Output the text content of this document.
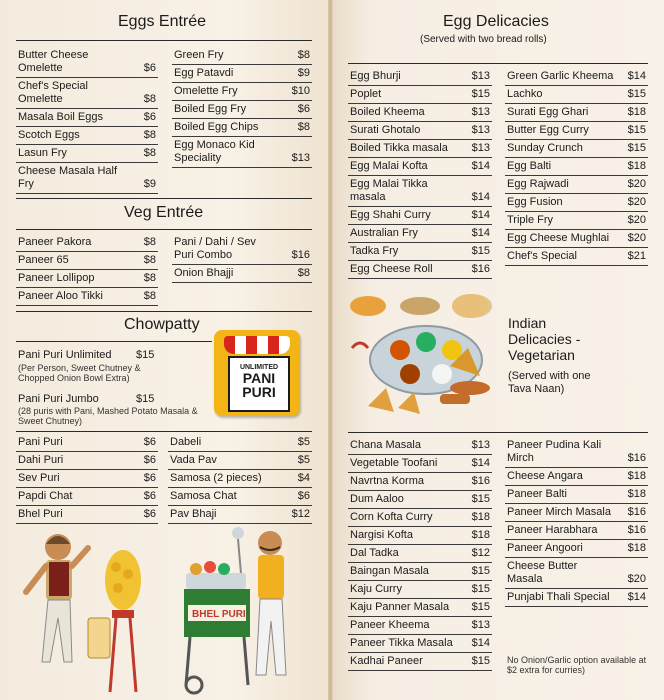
Eggs Entrée
Butter Cheese Omelette	$6
Chef's Special Omelette	$8
Masala Boil Eggs	$6
Scotch Eggs	$8
Lasun Fry	$8
Cheese Masala Half Fry	$9
Green Fry	$8
Egg Patavdi	$9
Omelette Fry	$10
Boiled Egg Fry	$6
Boiled Egg Chips	$8
Egg Monaco Kid Speciality	$13
Veg Entrée
Paneer Pakora	$8
Paneer 65	$8
Paneer Lollipop	$8
Paneer Aloo Tikki	$8
Pani / Dahi / Sev Puri Combo	$16
Onion Bhajji	$8
Chowpatty
UNLIMITED
PANI
PURI
Pani Puri Unlimited $15
(Per Person, Sweet Chutney & Chopped Onion Bowl Extra)
Pani Puri Jumbo	$15
(28 puris with Pani, Mashed Potato Masala & Sweet Chutney)
Pani Puri	$6
Dahi Puri	$6
Sev Puri	$6
Papdi Chat	$6
Bhel Puri	$6
Dabeli	$5
Vada Pav	$5
Samosa (2 pieces)	$4
Samosa Chat	$6
Pav Bhaji	$12
BHEL PURI
Egg Delicacies
(Served with two bread rolls)
Egg Bhurji	$13
Poplet	$15
Boiled Kheema	$13
Surati Ghotalo	$13
Boiled Tikka masala	$13
Egg Malai Kofta	$14
Egg Malai Tikka masala	$14
Egg Shahi Curry	$14
Australian Fry	$14
Tadka Fry	$15
Egg Cheese Roll	$16
Green Garlic Kheema	$14
Lachko	$15
Surati Egg Ghari	$18
Butter Egg Curry	$15
Sunday Crunch	$15
Egg Balti	$18
Egg Rajwadi	$20
Egg Fusion	$20
Triple Fry	$20
Egg Cheese Mughlai	$20
Chef's Special	$21
Indian
Delicacies -
Vegetarian
(Served with one
Tava Naan)
Chana Masala	$13
Vegetable Toofani	$14
Navrtna Korma	$16
Dum Aaloo	$15
Corn Kofta Curry	$18
Nargisi Kofta	$18
Dal Tadka	$12
Baingan Masala	$15
Kaju Curry	$15
Kaju Panner Masala	$15
Paneer Kheema	$13
Paneer Tikka Masala	$14
Kadhai Paneer	$15
Paneer Pudina Kali Mirch	$16
Cheese Angara	$18
Paneer Balti	$18
Paneer Mirch Masala	$16
Paneer Harabhara	$16
Paneer Angoori	$18
Cheese Butter Masala	$20
Punjabi Thali Special	$14
No Onion/Garlic option available at $2 extra for curries)
